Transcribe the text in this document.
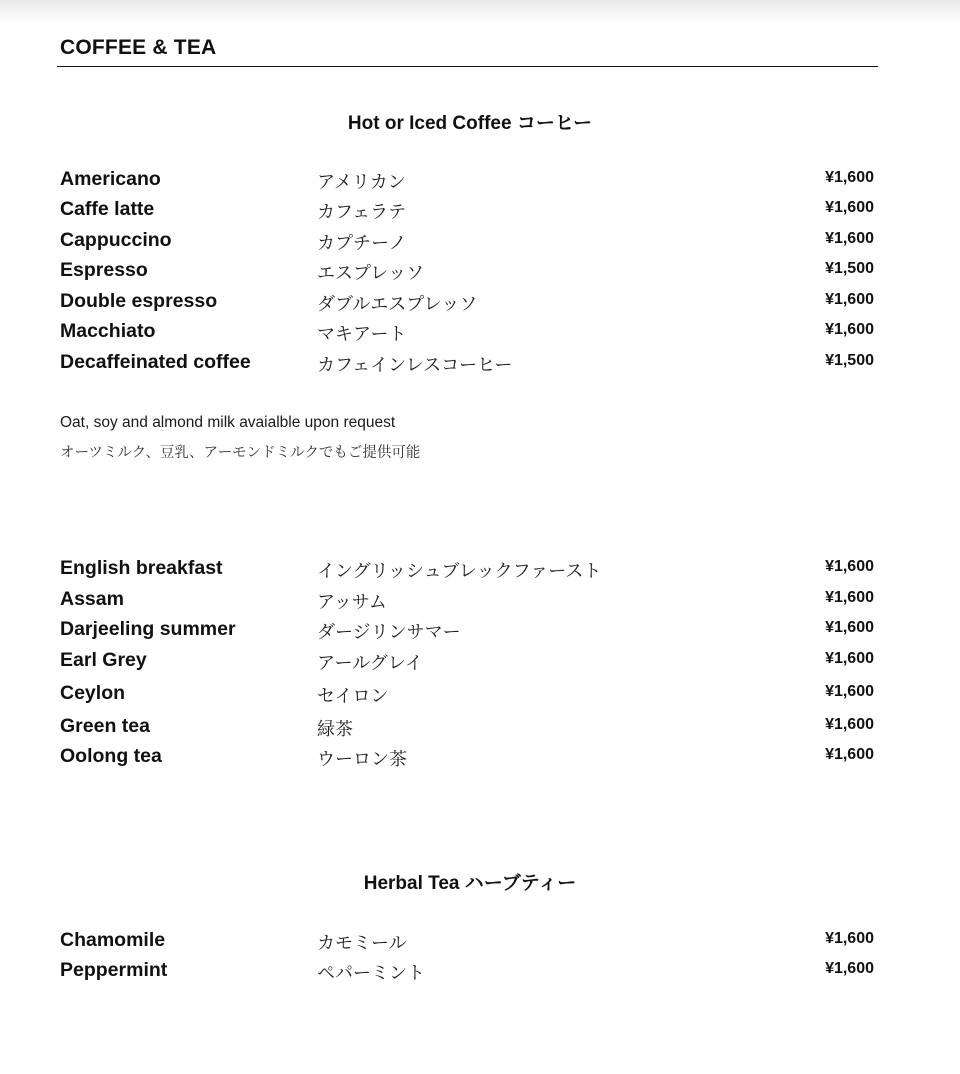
COFFEE & TEA
Hot or Iced Coffee コーヒー
Americano	アメリカン	¥1,600
Caffe latte	カフェラテ	¥1,600
Cappuccino	カプチーノ	¥1,600
Espresso	エスプレッソ	¥1,500
Double espresso	ダブルエスプレッソ	¥1,600
Macchiato	マキアート	¥1,600
Decaffeinated coffee	カフェインレスコーヒー	¥1,500
Oat, soy and almond milk avaialble upon request
オーツミルク、豆乳、アーモンドミルクでもご提供可能
English breakfast	イングリッシュブレックファースト	¥1,600
Assam	アッサム	¥1,600
Darjeeling summer	ダージリンサマー	¥1,600
Earl Grey	アールグレイ	¥1,600
Ceylon	セイロン	¥1,600
Green tea	緑茶	¥1,600
Oolong tea	ウーロン茶	¥1,600
Herbal Tea ハーブティー
Chamomile	カモミール	¥1,600
Peppermint	ペパーミント	¥1,600
